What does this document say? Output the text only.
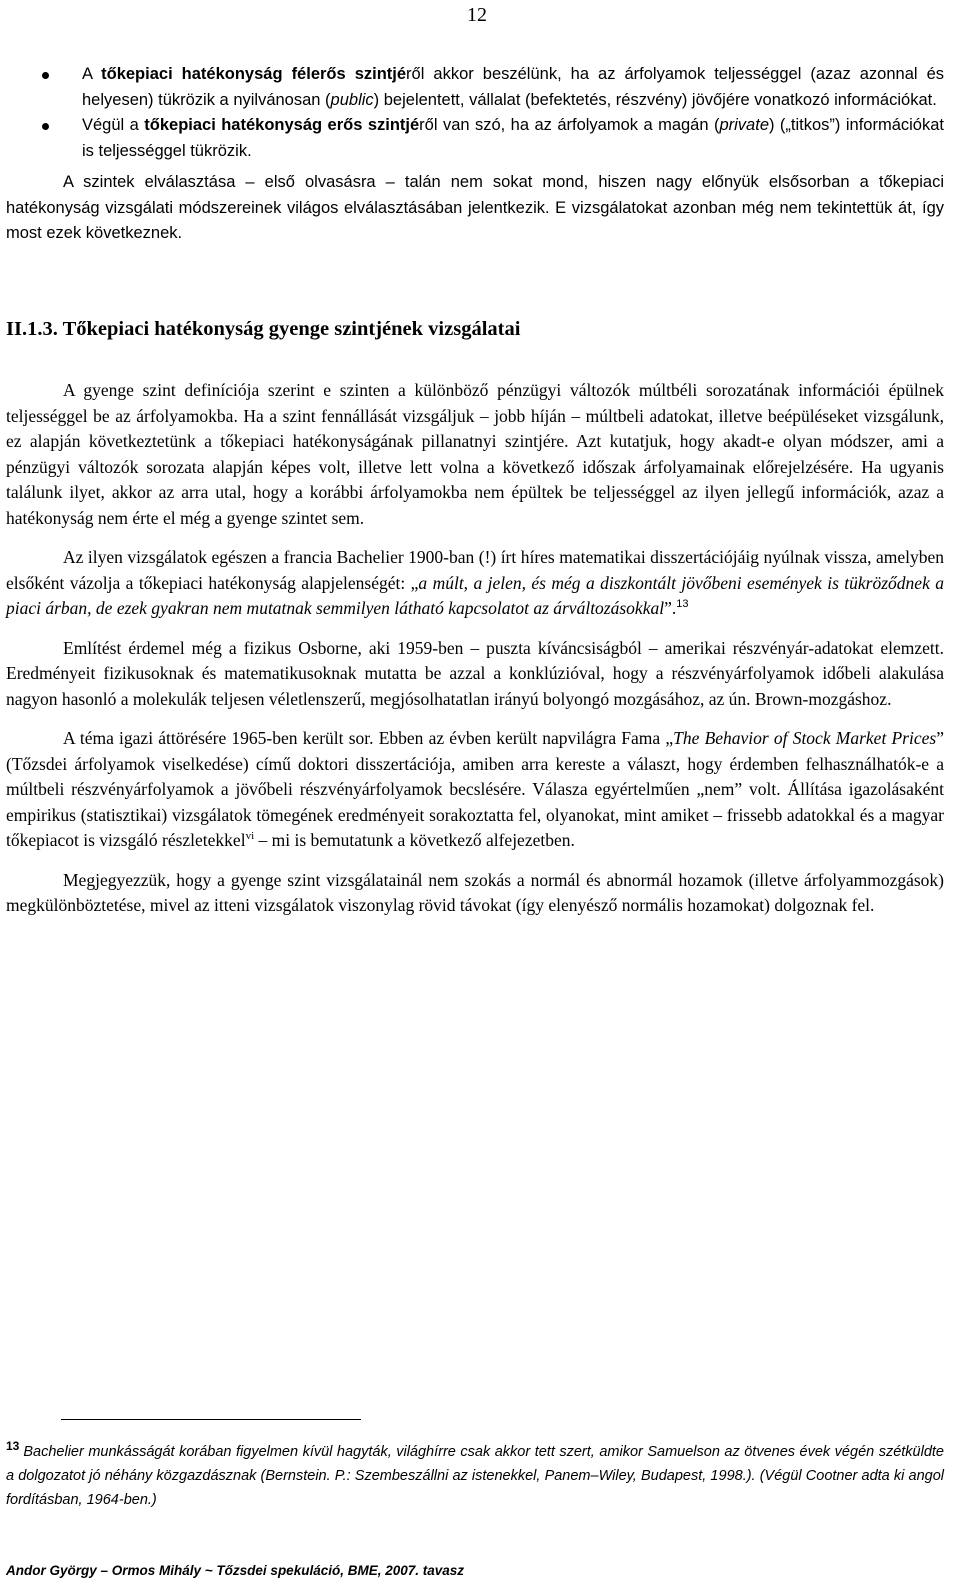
12
A tőkepiaci hatékonyság félerős szintjéről akkor beszélünk, ha az árfolyamok teljességgel (azaz azonnal és helyesen) tükrözik a nyilvánosan (public) bejelentett, vállalat (befektetés, részvény) jövőjére vonatkozó információkat.
Végül a tőkepiaci hatékonyság erős szintjéről van szó, ha az árfolyamok a magán (private) („titkos”) információkat is teljességgel tükrözik.

A szintek elválasztása – első olvasásra – talán nem sokat mond, hiszen nagy előnyük elsősorban a tőkepiaci hatékonyság vizsgálati módszereinek világos elválasztásában jelentkezik. E vizsgálatokat azonban még nem tekintettük át, így most ezek következnek.

II.1.3. Tőkepiaci hatékonyság gyenge szintjének vizsgálatai

A gyenge szint definíciója szerint e szinten a különböző pénzügyi változók múltbéli sorozatának információi épülnek teljességgel be az árfolyamokba. Ha a szint fennállását vizsgáljuk – jobb híján – múltbeli adatokat, illetve beépüléseket vizsgálunk, ez alapján következtetünk a tőkepiaci hatékonyságának pillanatnyi szintjére. Azt kutatjuk, hogy akadt-e olyan módszer, ami a pénzügyi változók sorozata alapján képes volt, illetve lett volna a következő időszak árfolyamainak előrejelzésére. Ha ugyanis találunk ilyet, akkor az arra utal, hogy a korábbi árfolyamokba nem épültek be teljességgel az ilyen jellegű információk, azaz a hatékonyság nem érte el még a gyenge szintet sem.

Az ilyen vizsgálatok egészen a francia Bachelier 1900-ban (!) írt híres matematikai disszertációjáig nyúlnak vissza, amelyben elsőként vázolja a tőkepiaci hatékonyság alapjelenségét: „a múlt, a jelen, és még a diszkontált jövőbeni események is tükröződnek a piaci árban, de ezek gyakran nem mutatnak semmilyen látható kapcsolatot az árváltozásokkal”.$^{13}$

Említést érdemel még a fizikus Osborne, aki 1959-ben – puszta kíváncsiságból – amerikai részvényár-adatokat elemzett. Eredményeit fizikusoknak és matematikusoknak mutatta be azzal a konklúzióval, hogy a részvényárfolyamok időbeli alakulása nagyon hasonló a molekulák teljesen véletlenszerű, megjósolhatatlan irányú bolyongó mozgásához, az ún. Brown-mozgáshoz.

A téma igazi áttörésére 1965-ben került sor. Ebben az évben került napvilágra Fama „The Behavior of Stock Market Prices” (Tőzsdei árfolyamok viselkedése) című doktori disszertációja, amiben arra kereste a választ, hogy érdemben felhasználhatók-e a múltbeli részvényárfolyamok a jövőbeli részvényárfolyamok becslésére. Válasza egyértelműen „nem” volt. Állítása igazolásaként empirikus (statisztikai) vizsgálatok tömegének eredményeit sorakoztatta fel, olyanokat, mint amiket – frissebb adatokkal és a magyar tőkepiacot is vizsgáló részletekkel$^{vi}$ – mi is bemutatunk a következő alfejezetben.

Megjegyezzük, hogy a gyenge szint vizsgálatainál nem szokás a normál és abnormál hozamok (illetve árfolyammozgások) megkülönböztetése, mivel az itteni vizsgálatok viszonylag rövid távokat (így elenyésző normális hozamokat) dolgoznak fel.

$^{13}$ Bachelier munkásságát korában figyelmen kívül hagyták, világhírre csak akkor tett szert, amikor Samuelson az ötvenes évek végén szétküldte a dolgozatot jó néhány közgazdásznak (Bernstein. P.: Szembeszállni az istenekkel, Panem–Wiley, Budapest, 1998.). (Végül Cootner adta ki angol fordításban, 1964-ben.)
Andor György – Ormos Mihály ~ Tőzsdei spekuláció, BME, 2007. tavasz
